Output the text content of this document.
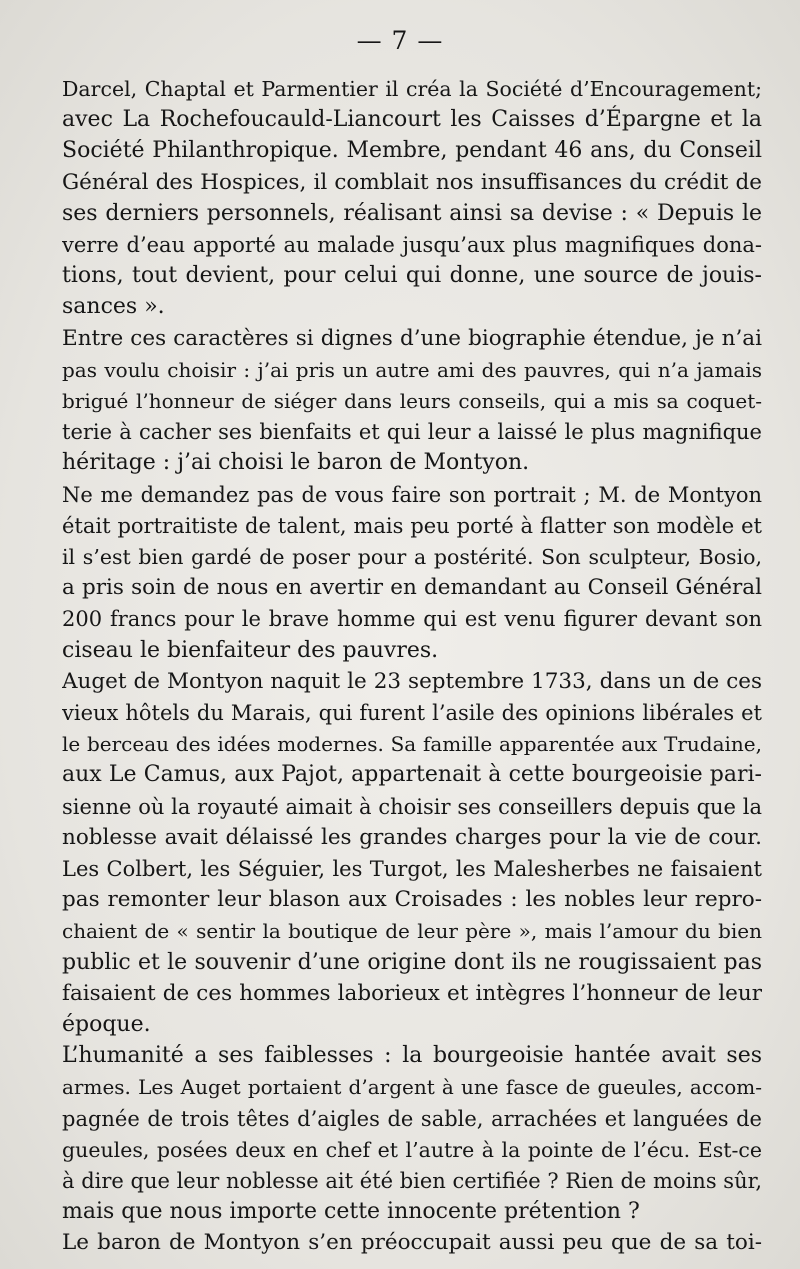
— 7 —
Darcel, Chaptal et Parmentier il créa la Société d’Encouragement;
avec La Rochefoucauld-Liancourt les Caisses d’Épargne et la
Société Philanthropique. Membre, pendant 46 ans, du Conseil
Général des Hospices, il comblait nos insuffisances du crédit de
ses derniers personnels, réalisant ainsi sa devise : « Depuis le
verre d’eau apporté au malade jusqu’aux plus magnifiques dona-
tions, tout devient, pour celui qui donne, une source de jouis-
sances ».
Entre ces caractères si dignes d’une biographie étendue, je n’ai
pas voulu choisir : j’ai pris un autre ami des pauvres, qui n’a jamais
brigué l’honneur de siéger dans leurs conseils, qui a mis sa coquet-
terie à cacher ses bienfaits et qui leur a laissé le plus magnifique
héritage : j’ai choisi le baron de Montyon.
Ne me demandez pas de vous faire son portrait ; M. de Montyon
était portraitiste de talent, mais peu porté à flatter son modèle et
il s’est bien gardé de poser pour a postérité. Son sculpteur, Bosio,
a pris soin de nous en avertir en demandant au Conseil Général
200 francs pour le brave homme qui est venu figurer devant son
ciseau le bienfaiteur des pauvres.
Auget de Montyon naquit le 23 septembre 1733, dans un de ces
vieux hôtels du Marais, qui furent l’asile des opinions libérales et
le berceau des idées modernes. Sa famille apparentée aux Trudaine,
aux Le Camus, aux Pajot, appartenait à cette bourgeoisie pari-
sienne où la royauté aimait à choisir ses conseillers depuis que la
noblesse avait délaissé les grandes charges pour la vie de cour.
Les Colbert, les Séguier, les Turgot, les Malesherbes ne faisaient
pas remonter leur blason aux Croisades : les nobles leur repro-
chaient de « sentir la boutique de leur père », mais l’amour du bien
public et le souvenir d’une origine dont ils ne rougissaient pas
faisaient de ces hommes laborieux et intègres l’honneur de leur
époque.
L’humanité a ses faiblesses : la bourgeoisie hantée avait ses
armes. Les Auget portaient d’argent à une fasce de gueules, accom-
pagnée de trois têtes d’aigles de sable, arrachées et languées de
gueules, posées deux en chef et l’autre à la pointe de l’écu. Est-ce
à dire que leur noblesse ait été bien certifiée ? Rien de moins sûr,
mais que nous importe cette innocente prétention ?
Le baron de Montyon s’en préoccupait aussi peu que de sa toi-
